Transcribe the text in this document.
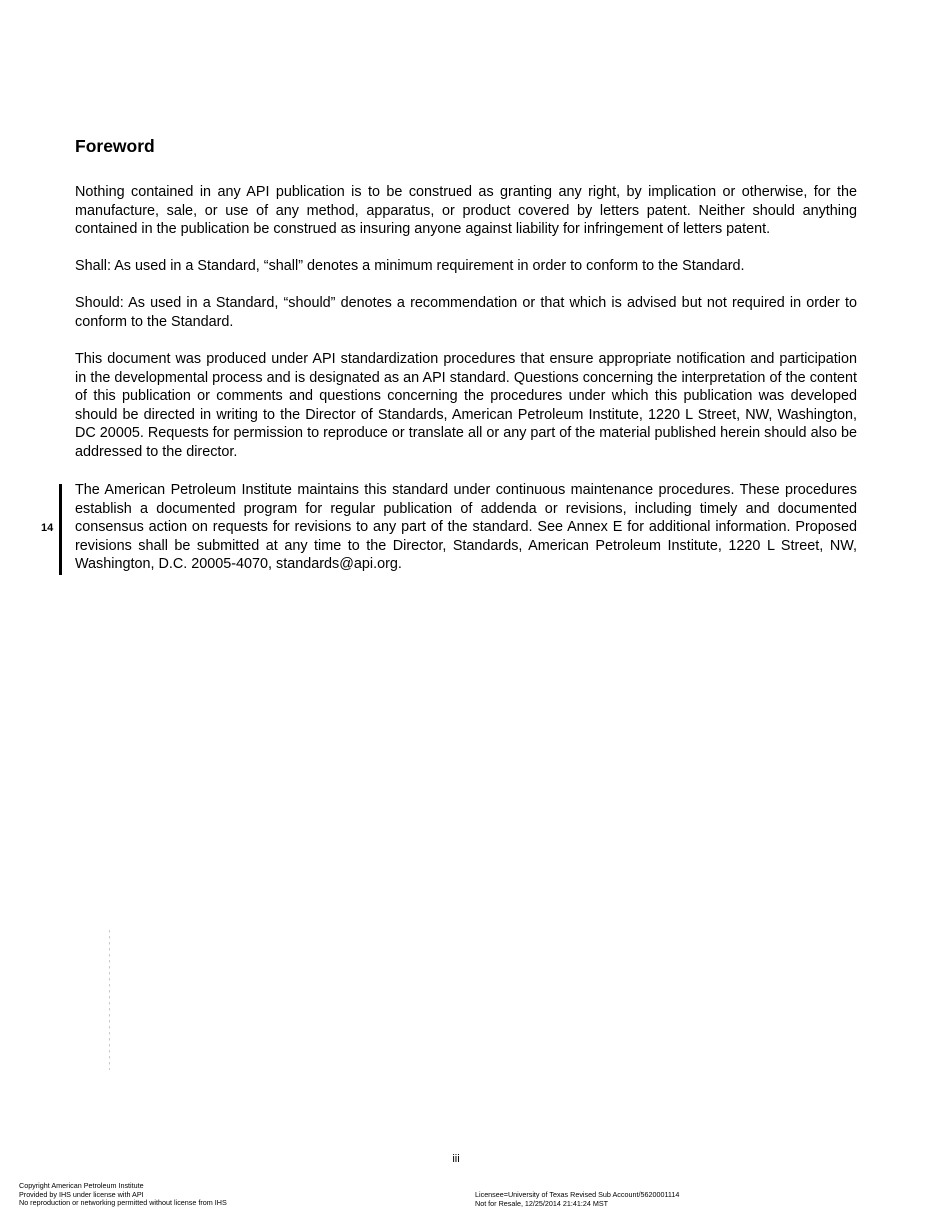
Foreword

Nothing contained in any API publication is to be construed as granting any right, by implication or otherwise, for the manufacture, sale, or use of any method, apparatus, or product covered by letters patent. Neither should anything contained in the publication be construed as insuring anyone against liability for infringement of letters patent.

Shall: As used in a Standard, “shall” denotes a minimum requirement in order to conform to the Standard.

Should: As used in a Standard, “should” denotes a recommendation or that which is advised but not required in order to conform to the Standard.

This document was produced under API standardization procedures that ensure appropriate notification and participation in the developmental process and is designated as an API standard. Questions concerning the interpretation of the content of this publication or comments and questions concerning the procedures under which this publication was developed should be directed in writing to the Director of Standards, American Petroleum Institute, 1220 L Street, NW, Washington, DC 20005. Requests for permission to reproduce or translate all or any part of the material published herein should also be addressed to the director.

14

The American Petroleum Institute maintains this standard under continuous maintenance procedures. These procedures establish a documented program for regular publication of addenda or revisions, including timely and documented consensus action on requests for revisions to any part of the standard. See Annex E for additional information. Proposed revisions shall be submitted at any time to the Director, Standards, American Petroleum Institute, 1220 L Street, NW, Washington, D.C. 20005-4070, standards@api.org.

iii
Copyright American Petroleum Institute
Provided by IHS under license with API
No reproduction or networking permitted without license from IHS
Licensee=University of Texas Revised Sub Account/5620001114
Not for Resale, 12/25/2014 21:41:24 MST
